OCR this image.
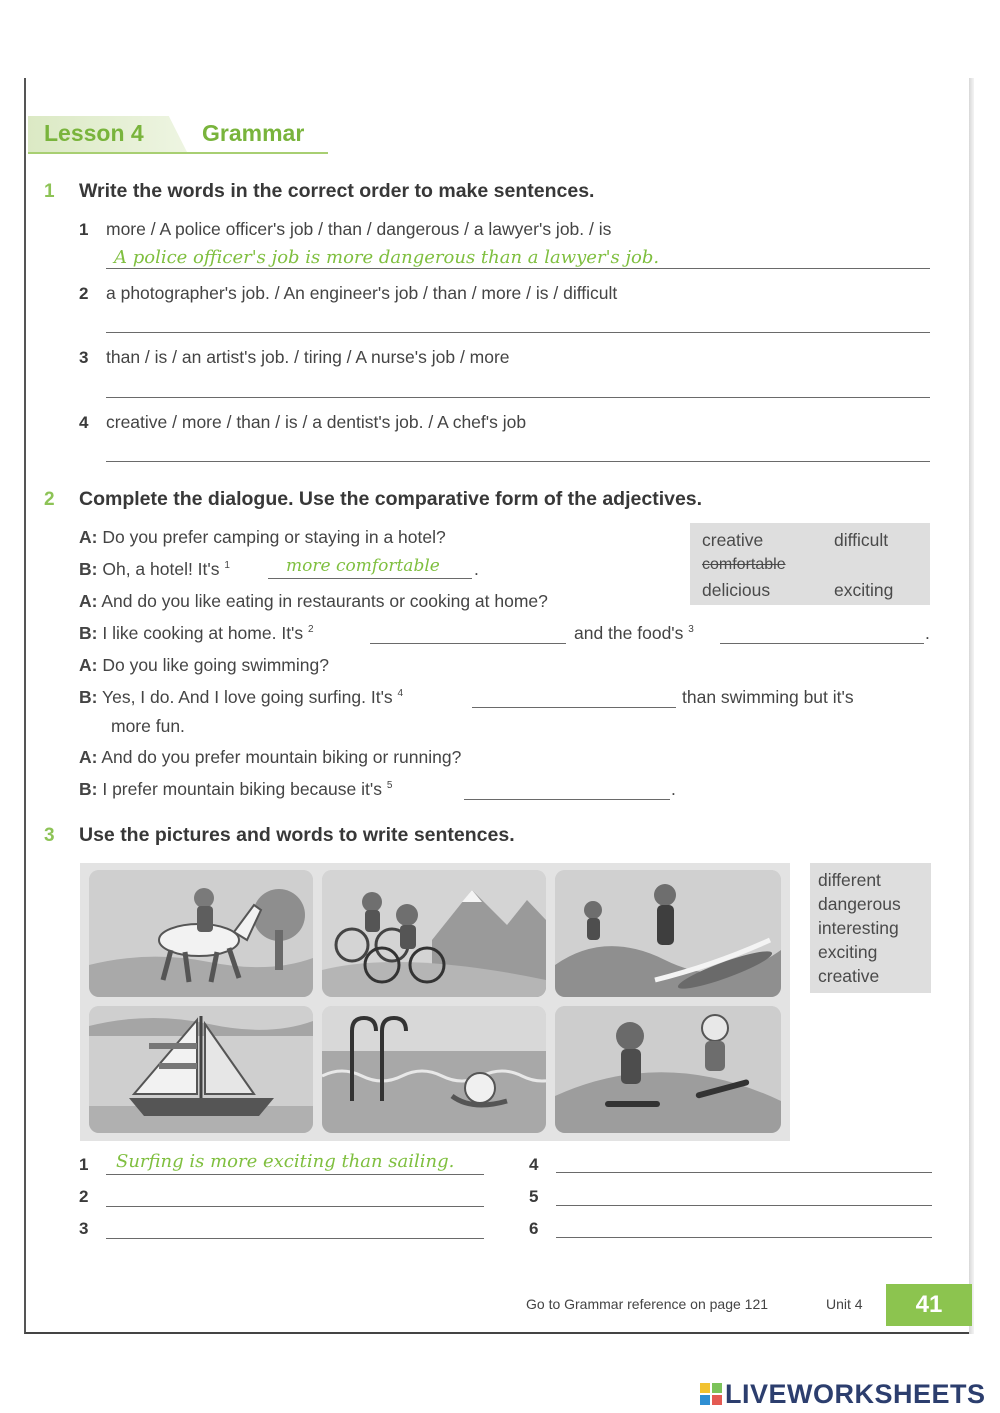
Lesson 4	Grammar
1 Write the words in the correct order to make sentences.
1 more / A police officer's job / than / dangerous / a lawyer's job. / is
A police officer's job is more dangerous than a lawyer's job.
2 a photographer's job. / An engineer's job / than / more / is / difficult
3 than / is / an artist's job. / tiring / A nurse's job / more
4 creative / more / than / is / a dentist's job. / A chef's job
2 Complete the dialogue. Use the comparative form of the adjectives.
creative	difficult
comfortable
delicious	exciting
A: Do you prefer camping or staying in a hotel?
B: Oh, a hotel! It's $^1$	more comfortable .
A: And do you like eating in restaurants or cooking at home?
B: I like cooking at home. It's $^2$	and the food's $^3$	.
A: Do you like going swimming?
B: Yes, I do. And I love going surfing. It's $^4$	than swimming but it's
more fun.
A: And do you prefer mountain biking or running?
B: I prefer mountain biking because it's $^5$	.
3 Use the pictures and words to write sentences.
different
dangerous
interesting
exciting
creative
1 Surfing is more exciting than sailing.
2
3
4
5
6
Go to Grammar reference on page 121	Unit 4 41
LIVEWORKSHEETS
